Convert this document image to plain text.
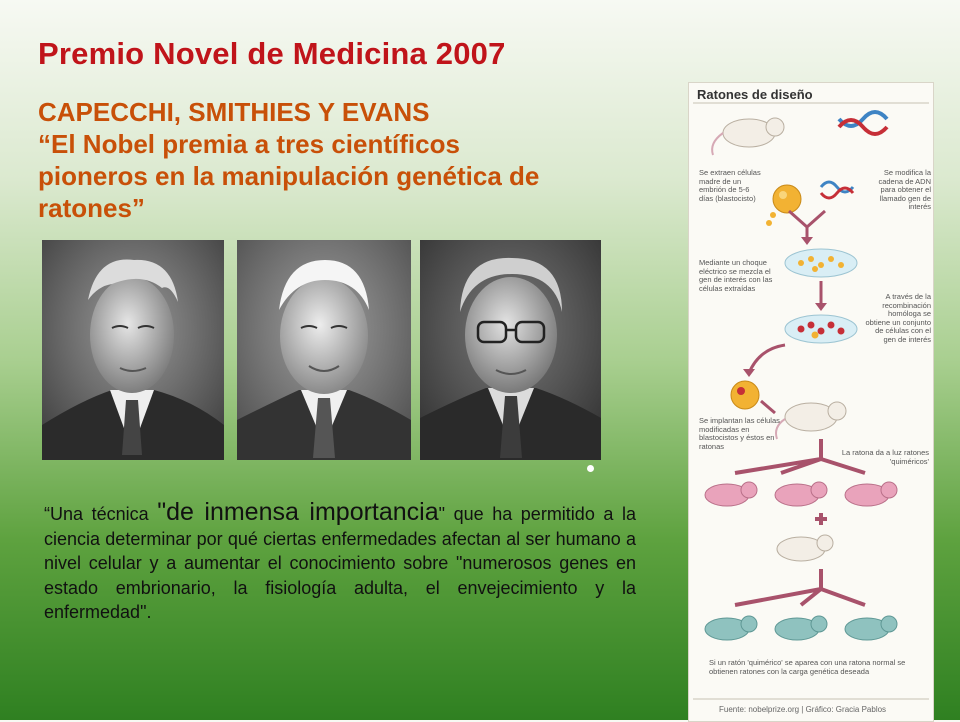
Premio Novel de Medicina 2007
CAPECCHI, SMITHIES Y EVANS
“El Nobel premia a tres científicos
pioneros en la manipulación genética de
ratones”
“Una técnica "de inmensa importancia" que ha permitido a la ciencia determinar por qué ciertas enfermedades afectan al ser humano a nivel celular y a aumentar el conocimiento sobre "numerosos genes en estado embrionario, la fisiología adulta, el envejecimiento y la enfermedad".
Ratones de diseño
Se extraen células madre de un embrión de 5-6 días (blastocisto)
Se modifica la cadena de ADN para obtener el llamado gen de interés
Mediante un choque eléctrico se mezcla el gen de interés con las células extraídas
A través de la recombinación homóloga se obtiene un conjunto de células con el gen de interés
Se implantan las células modificadas en blastocistos y éstos en ratonas
La ratona da a luz ratones 'quiméricos'
Si un ratón 'quimérico' se aparea con una ratona normal se obtienen ratones con la carga genética deseada
Fuente: nobelprize.org | Gráfico: Gracia Pablos
